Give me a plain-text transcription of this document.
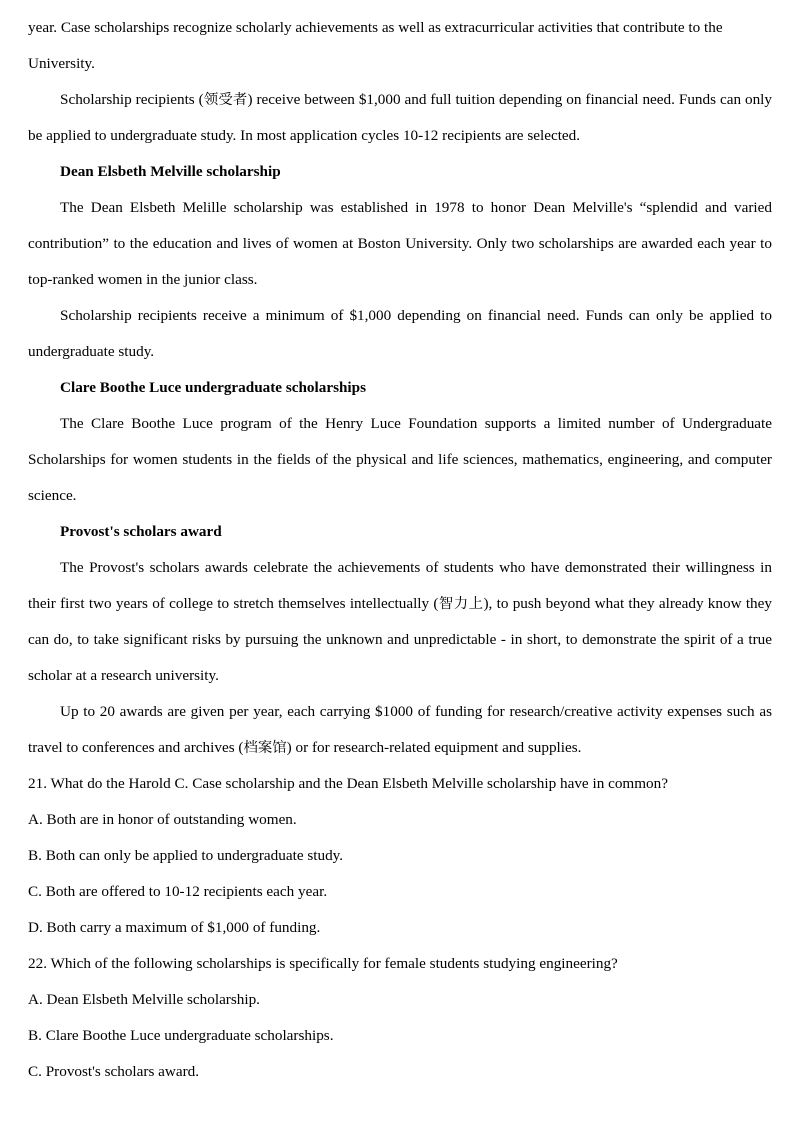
year. Case scholarships recognize scholarly achievements as well as extracurricular activities that contribute to the University.

Scholarship recipients (领受者) receive between $1,000 and full tuition depending on financial need. Funds can only be applied to undergraduate study. In most application cycles 10-12 recipients are selected.

Dean Elsbeth Melville scholarship

The Dean Elsbeth Melille scholarship was established in 1978 to honor Dean Melville's “splendid and varied contribution” to the education and lives of women at Boston University. Only two scholarships are awarded each year to top-ranked women in the junior class.

Scholarship recipients receive a minimum of $1,000 depending on financial need. Funds can only be applied to undergraduate study.

Clare Boothe Luce undergraduate scholarships

The Clare Boothe Luce program of the Henry Luce Foundation supports a limited number of Undergraduate Scholarships for women students in the fields of the physical and life sciences, mathematics, engineering, and computer science.

Provost's scholars award

The Provost's scholars awards celebrate the achievements of students who have demonstrated their willingness in their first two years of college to stretch themselves intellectually (智力上), to push beyond what they already know they can do, to take significant risks by pursuing the unknown and unpredictable - in short, to demonstrate the spirit of a true scholar at a research university.

Up to 20 awards are given per year, each carrying $1000 of funding for research/creative activity expenses such as travel to conferences and archives (档案馆) or for research-related equipment and supplies.

21. What do the Harold C. Case scholarship and the Dean Elsbeth Melville scholarship have in common?

A. Both are in honor of outstanding women.

B. Both can only be applied to undergraduate study.

C. Both are offered to 10-12 recipients each year.

D. Both carry a maximum of $1,000 of funding.

22. Which of the following scholarships is specifically for female students studying engineering?

A. Dean Elsbeth Melville scholarship.

B. Clare Boothe Luce undergraduate scholarships.

C. Provost's scholars award.
